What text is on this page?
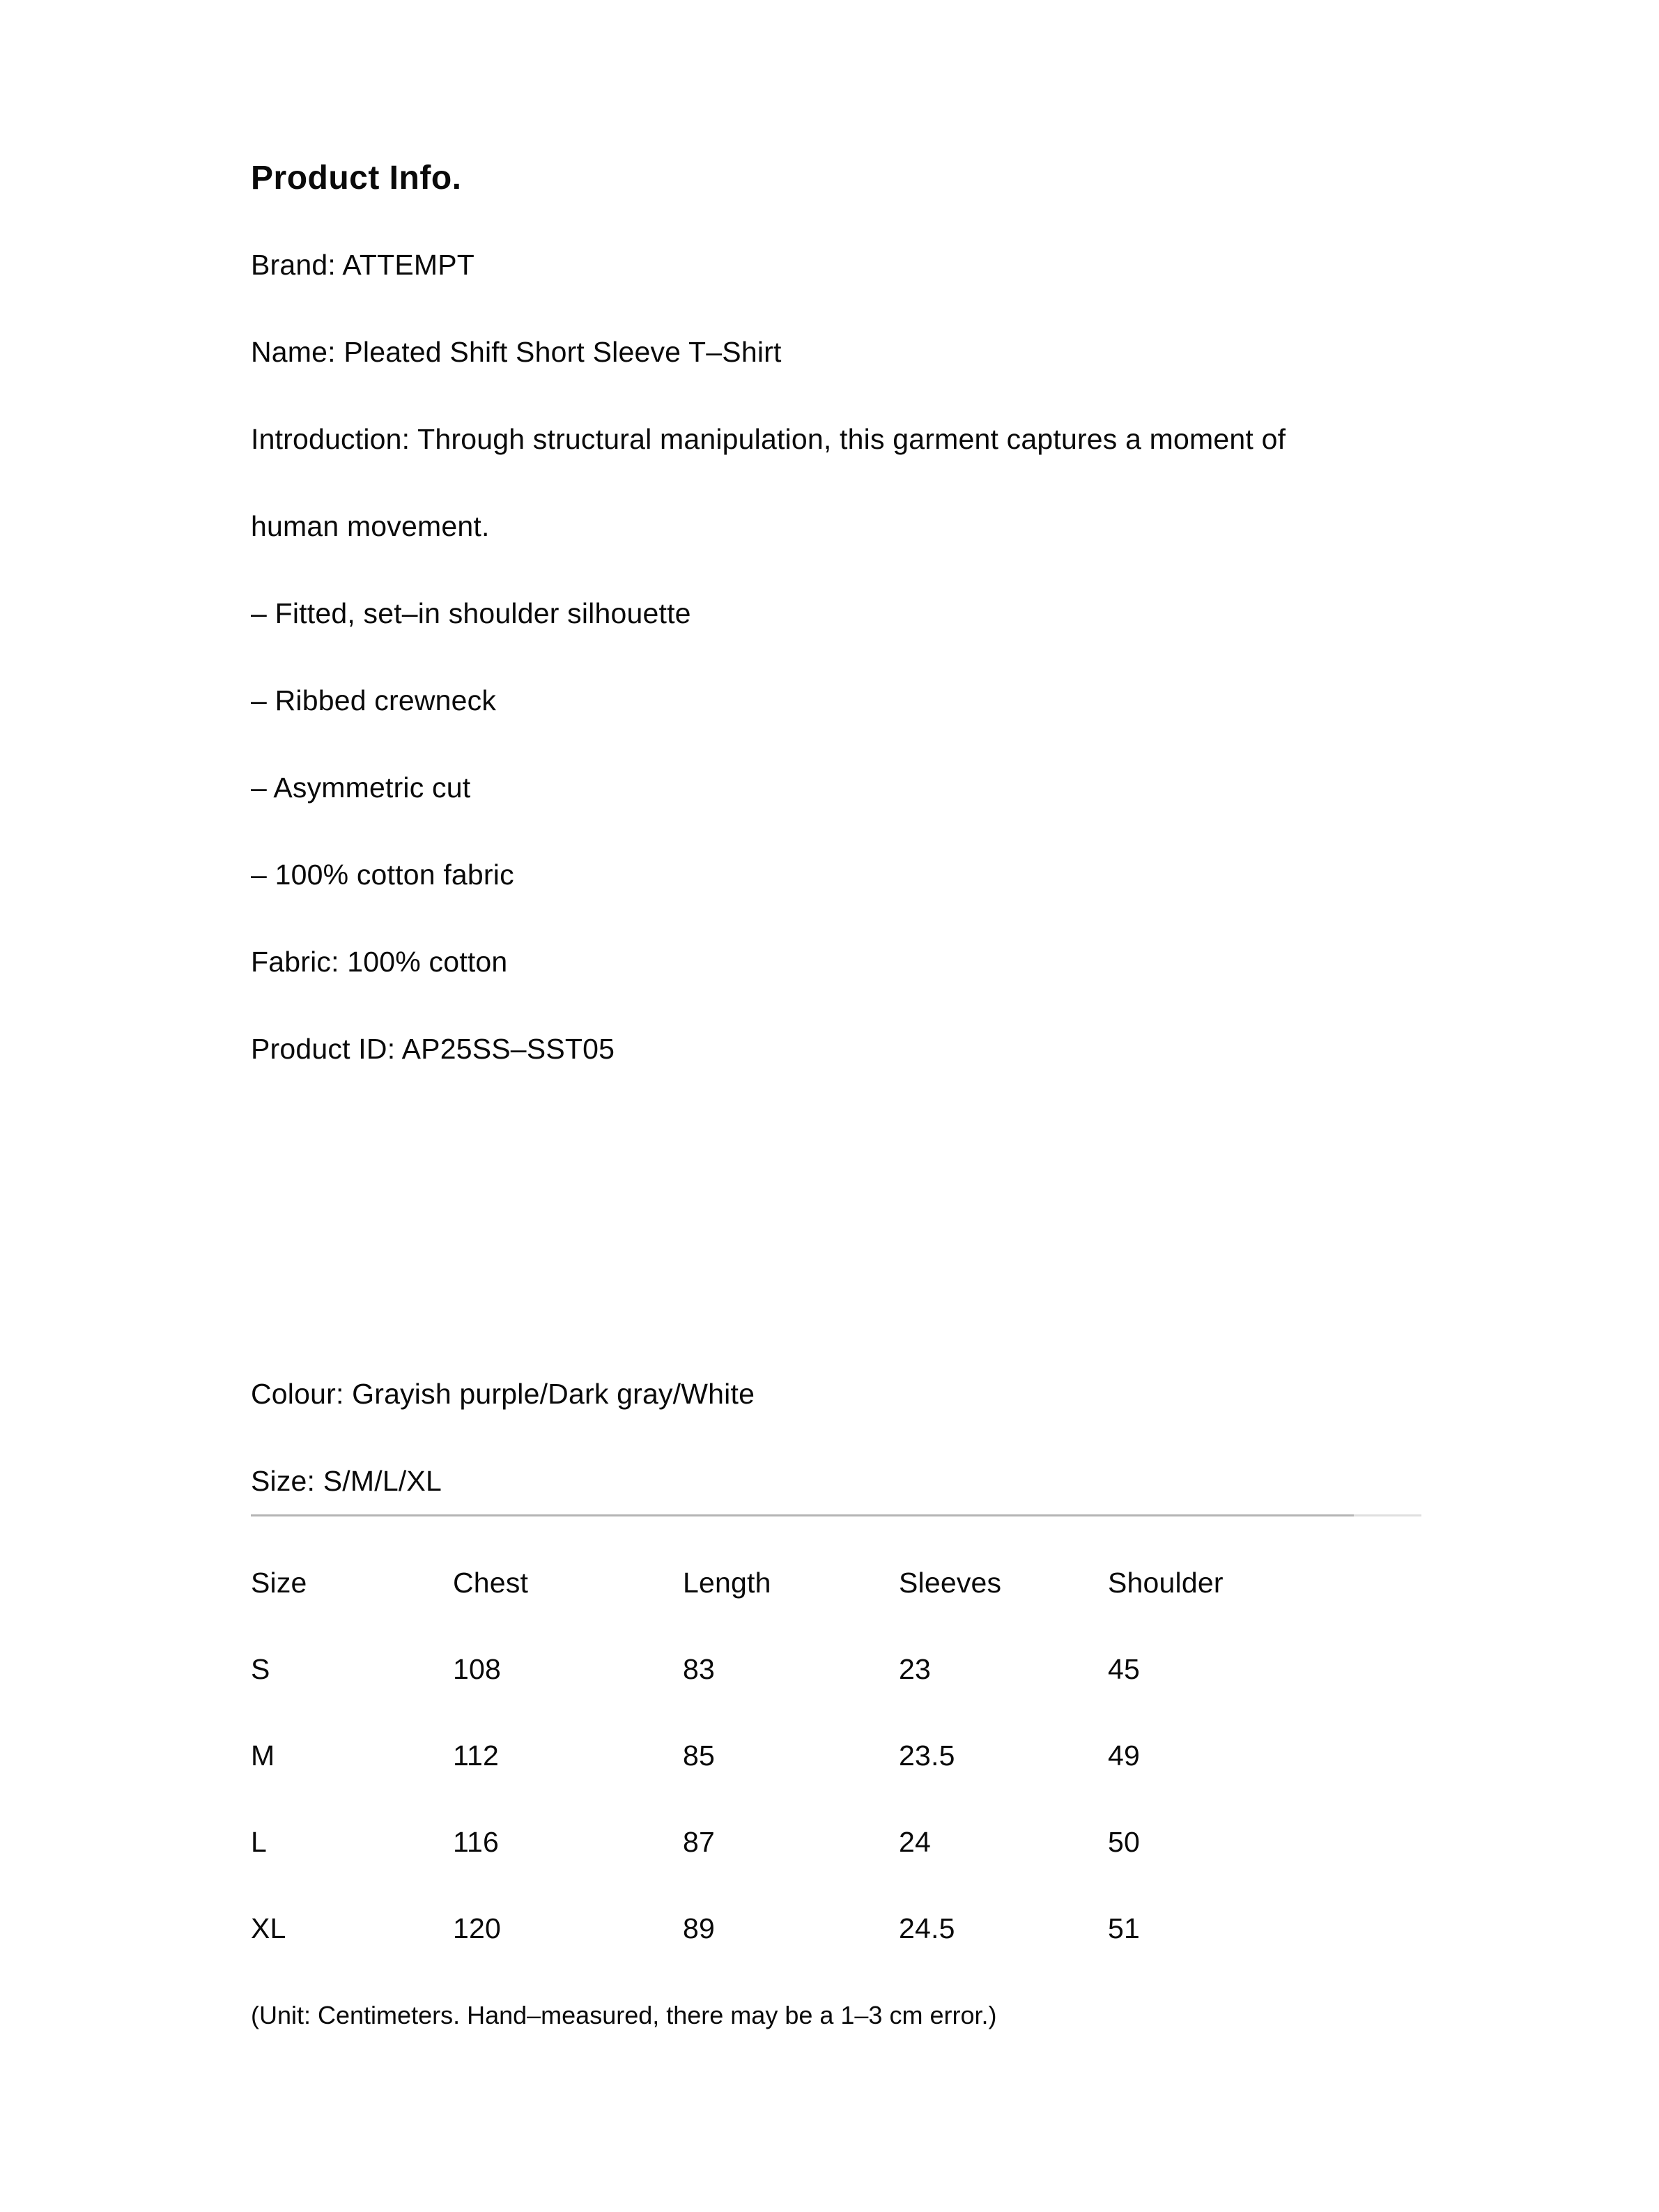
Product Info.
Brand: ATTEMPT
Name: Pleated Shift Short Sleeve T–Shirt
Introduction: Through structural manipulation, this garment captures a moment of
human movement.
– Fitted, set–in shoulder silhouette
– Ribbed crewneck
– Asymmetric cut
– 100% cotton fabric
Fabric: 100% cotton
Product ID: AP25SS–SST05
Colour: Grayish purple/Dark gray/White
Size: S/M/L/XL
Size	Chest	Length	Sleeves	Shoulder
S	108	83	23	45
M	112	85	23.5	49
L	116	87	24	50
XL	120	89	24.5	51
(Unit: Centimeters. Hand–measured, there may be a 1–3 cm error.)
